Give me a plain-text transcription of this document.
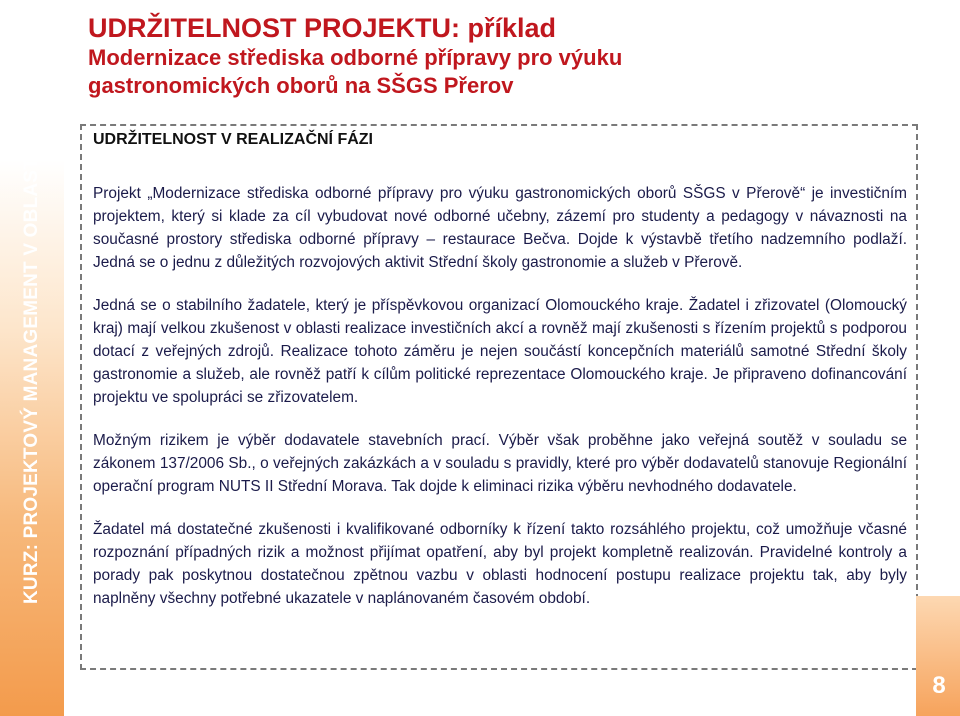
KURZ: PROJEKTOVÝ MANAGEMENT V OBLASTI VZDĚLÁVÁNÍ	UDRŽITELNOST PROJEKTU: příklad
Modernizace střediska odborné přípravy pro výuku
gastronomických oborů na SŠGS Přerov
UDRŽITELNOST V REALIZAČNÍ FÁZI

Projekt „Modernizace střediska odborné přípravy pro výuku gastronomických oborů SŠGS v Přerově“ je investičním projektem, který si klade za cíl vybudovat nové odborné učebny, zázemí pro studenty a pedagogy v návaznosti na současné prostory střediska odborné přípravy – restaurace Bečva. Dojde k výstavbě třetího nadzemního podlaží. Jedná se o jednu z důležitých rozvojových aktivit Střední školy gastronomie a služeb v Přerově.

Jedná se o stabilního žadatele, který je příspěvkovou organizací Olomouckého kraje. Žadatel i zřizovatel (Olomoucký kraj) mají velkou zkušenost v oblasti realizace investičních akcí a rovněž mají zkušenosti s řízením projektů s podporou dotací z veřejných zdrojů. Realizace tohoto záměru je nejen součástí koncepčních materiálů samotné Střední školy gastronomie a služeb, ale rovněž patří k cílům politické reprezentace Olomouckého kraje. Je připraveno dofinancování projektu ve spolupráci se zřizovatelem.

Možným rizikem je výběr dodavatele stavebních prací. Výběr však proběhne jako veřejná soutěž v souladu se zákonem 137/2006 Sb., o veřejných zakázkách a v souladu s pravidly, které pro výběr dodavatelů stanovuje Regionální operační program NUTS II Střední Morava. Tak dojde k eliminaci rizika výběru nevhodného dodavatele.

Žadatel má dostatečné zkušenosti i kvalifikované odborníky k řízení takto rozsáhlého projektu, což umožňuje včasné rozpoznání případných rizik a možnost přijímat opatření, aby byl projekt kompletně realizován. Pravidelné kontroly a porady pak poskytnou dostatečnou zpětnou vazbu v oblasti hodnocení postupu realizace projektu tak, aby byly naplněny všechny potřebné ukazatele v naplánovaném časovém období.

8
